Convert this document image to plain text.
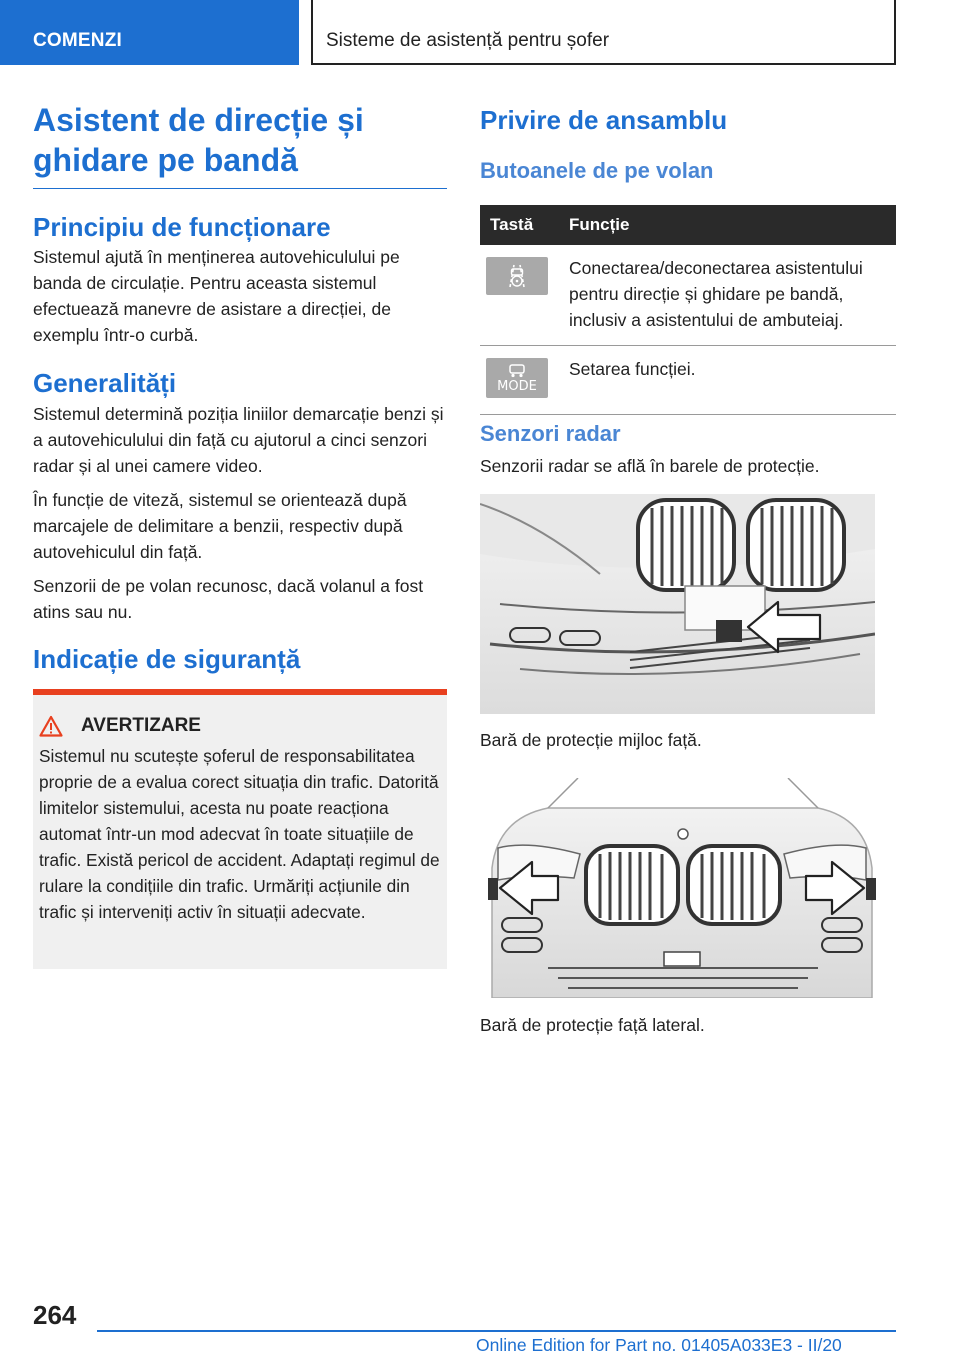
COMENZI	Sisteme de asistență pentru șofer
Asistent de direcție și
ghidare pe bandă
Principiu de funcționare

Sistemul ajută în menținerea autovehiculului pe banda de circulație. Pentru aceasta sistemul efectuează manevre de asistare a direcției, de exemplu într-o curbă.

Generalități

Sistemul determină poziția liniilor demarcație benzi și a autovehiculului din față cu ajutorul a cinci senzori radar și al unei camere video.

În funcție de viteză, sistemul se orientează după marcajele de delimitare a benzii, respectiv după autovehiculul din față.

Senzorii de pe volan recunosc, dacă volanul a fost atins sau nu.

Indicație de siguranță
AVERTIZARE

Sistemul nu scutește șoferul de responsabilitatea proprie de a evalua corect situația din trafic. Datorită limitelor sistemului, acesta nu poate reacționa automat într-un mod adecvat în toate situațiile de trafic. Există pericol de accident. Adaptați regimul de rulare la condițiile din trafic. Urmăriți acțiunile din trafic și interveniți activ în situații adecvate.

Privire de ansamblu
Butoanele de pe volan
Tastă	Funcție

	Conectarea/deconectarea asistentului pentru direcție și ghidare pe bandă, inclusiv a asistentului de ambuteiaj.

MODE	Setarea funcției.
Senzori radar

Senzorii radar se află în barele de protecție.

Bară de protecție mijloc față.

Bară de protecție față lateral.

264
Online Edition for Part no. 01405A033E3 - II/20
